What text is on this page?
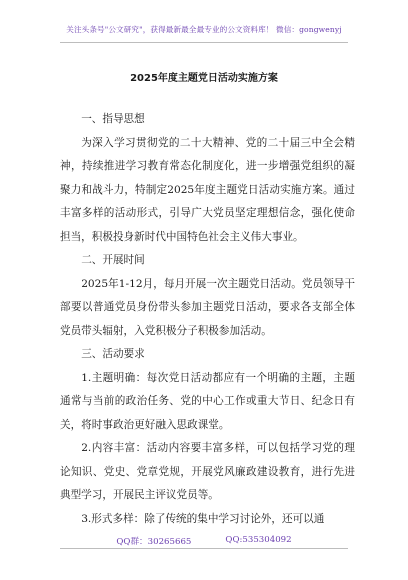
关注头条号"公文研究"，获得最新最全最专业的公文资料库！ 微信：gongwenyj
2025年度主题党日活动实施方案

一、指导思想

为深入学习贯彻党的二十大精神、党的二十届三中全会精神，持续推进学习教育常态化制度化，进一步增强党组织的凝聚力和战斗力，特制定2025年度主题党日活动实施方案。通过丰富多样的活动形式，引导广大党员坚定理想信念，强化使命担当，积极投身新时代中国特色社会主义伟大事业。

二、开展时间

2025年1-12月，每月开展一次主题党日活动。党员领导干部要以普通党员身份带头参加主题党日活动，要求各支部全体党员带头辐射，入党积极分子积极参加活动。

三、活动要求

1.主题明确：每次党日活动都应有一个明确的主题，主题通常与当前的政治任务、党的中心工作或重大节日、纪念日有关，将时事政治更好融入思政课堂。

2.内容丰富：活动内容要丰富多样，可以包括学习党的理论知识、党史、党章党规，开展党风廉政建设教育，进行先进典型学习，开展民主评议党员等。

3.形式多样：除了传统的集中学习讨论外，还可以通

QQ群：30265665	QQ:535304092
